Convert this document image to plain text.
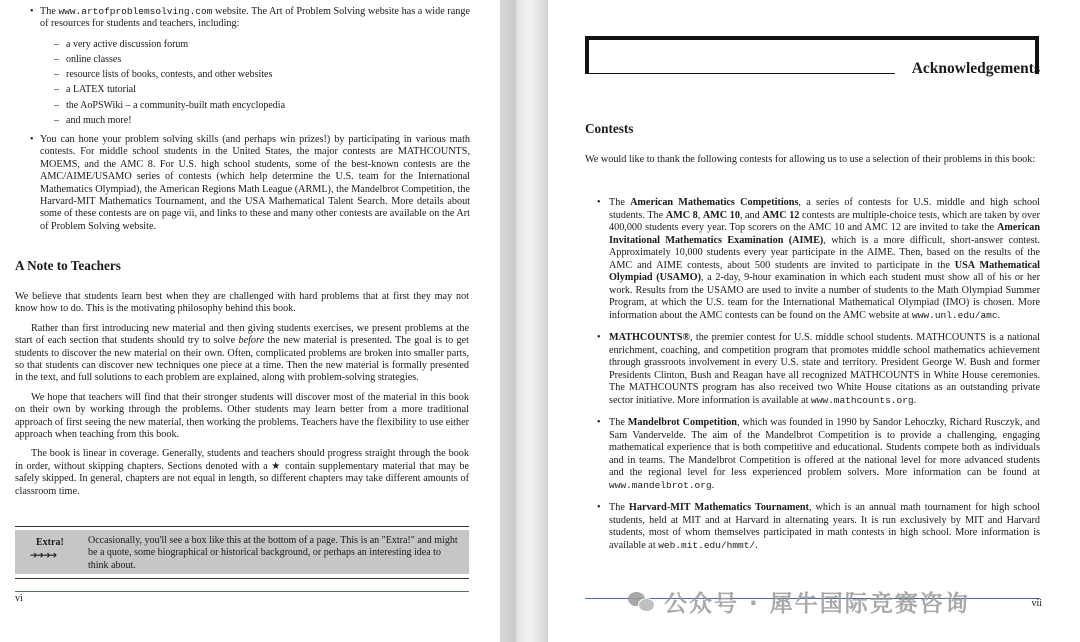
• The www.artofproblemsolving.com website. The Art of Problem Solving website has a wide range of resources for students and teachers, including:
– a very active discussion forum
– online classes
– resource lists of books, contests, and other websites
– a LATEX tutorial
– the AoPSWiki – a community-built math encyclopedia
– and much more!
• You can hone your problem solving skills (and perhaps win prizes!) by participating in various math contests. For middle school students in the United States, the major contests are MATHCOUNTS, MOEMS, and the AMC 8. For U.S. high school students, some of the best-known contests are the AMC/AIME/USAMO series of contests (which help determine the U.S. team for the International Mathematics Olympiad), the American Regions Math League (ARML), the Mandelbrot Competition, the Harvard-MIT Mathematics Tournament, and the USA Mathematical Talent Search. More details about some of these contests are on page vii, and links to these and many other contests are available on the Art of Problem Solving website.
A Note to Teachers

We believe that students learn best when they are challenged with hard problems that at first they may not know how to do. This is the motivating philosophy behind this book.

Rather than first introducing new material and then giving students exercises, we present problems at the start of each section that students should try to solve before the new material is presented. The goal is to get students to discover the new material on their own. Often, complicated problems are broken into smaller parts, so that students can discover new techniques one piece at a time. Then the new material is formally presented in the text, and full solutions to each problem are explained, along with problem-solving strategies.

We hope that teachers will find that their stronger students will discover most of the material in this book on their own by working through the problems. Other students may learn better from a more traditional approach of first seeing the new material, then working the problems. Teachers have the flexibility to use either approach when teaching from this book.

The book is linear in coverage. Generally, students and teachers should progress straight through the book in order, without skipping chapters. Sections denoted with a ★ contain supplementary material that may be safely skipped. In general, chapters are not equal in length, so different chapters may take different amounts of classroom time.

Extra!
➔➔➔➔
Occasionally, you'll see a box like this at the bottom of a page. This is an "Extra!" and might be a quote, some biographical or historical background, or perhaps an interesting idea to think about.
vi
Acknowledgements
Contests
We would like to thank the following contests for allowing us to use a selection of their problems in this book:
• The American Mathematics Competitions, a series of contests for U.S. middle and high school students. The AMC 8, AMC 10, and AMC 12 contests are multiple-choice tests, which are taken by over 400,000 students every year. Top scorers on the AMC 10 and AMC 12 are invited to take the American Invitational Mathematics Examination (AIME), which is a more difficult, short-answer contest. Approximately 10,000 students every year participate in the AIME. Then, based on the results of the AMC and AIME contests, about 500 students are invited to participate in the USA Mathematical Olympiad (USAMO), a 2-day, 9-hour examination in which each student must show all of his or her work. Results from the USAMO are used to invite a number of students to the Math Olympiad Summer Program, at which the U.S. team for the International Mathematical Olympiad (IMO) is chosen. More information about the AMC contests can be found on the AMC website at www.unl.edu/amc.
• MATHCOUNTS®, the premier contest for U.S. middle school students. MATHCOUNTS is a national enrichment, coaching, and competition program that promotes middle school mathematics achievement through grassroots involvement in every U.S. state and territory. President George W. Bush and former Presidents Clinton, Bush and Reagan have all recognized MATHCOUNTS in White House ceremonies. The MATHCOUNTS program has also received two White House citations as an outstanding private sector initiative. More information is available at www.mathcounts.org.
• The Mandelbrot Competition, which was founded in 1990 by Sandor Lehoczky, Richard Rusczyk, and Sam Vandervelde. The aim of the Mandelbrot Competition is to provide a challenging, engaging mathematical experience that is both competitive and educational. Students compete both as individuals and in teams. The Mandelbrot Competition is offered at the national level for more advanced students and the regional level for less experienced problem solvers. More information can be found at www.mandelbrot.org.
• The Harvard-MIT Mathematics Tournament, which is an annual math tournament for high school students, held at MIT and at Harvard in alternating years. It is run exclusively by MIT and Harvard students, most of whom themselves participated in math contests in high school. More information is available at web.mit.edu/hmmt/.
vii
公众号 · 犀牛国际竞赛咨询
